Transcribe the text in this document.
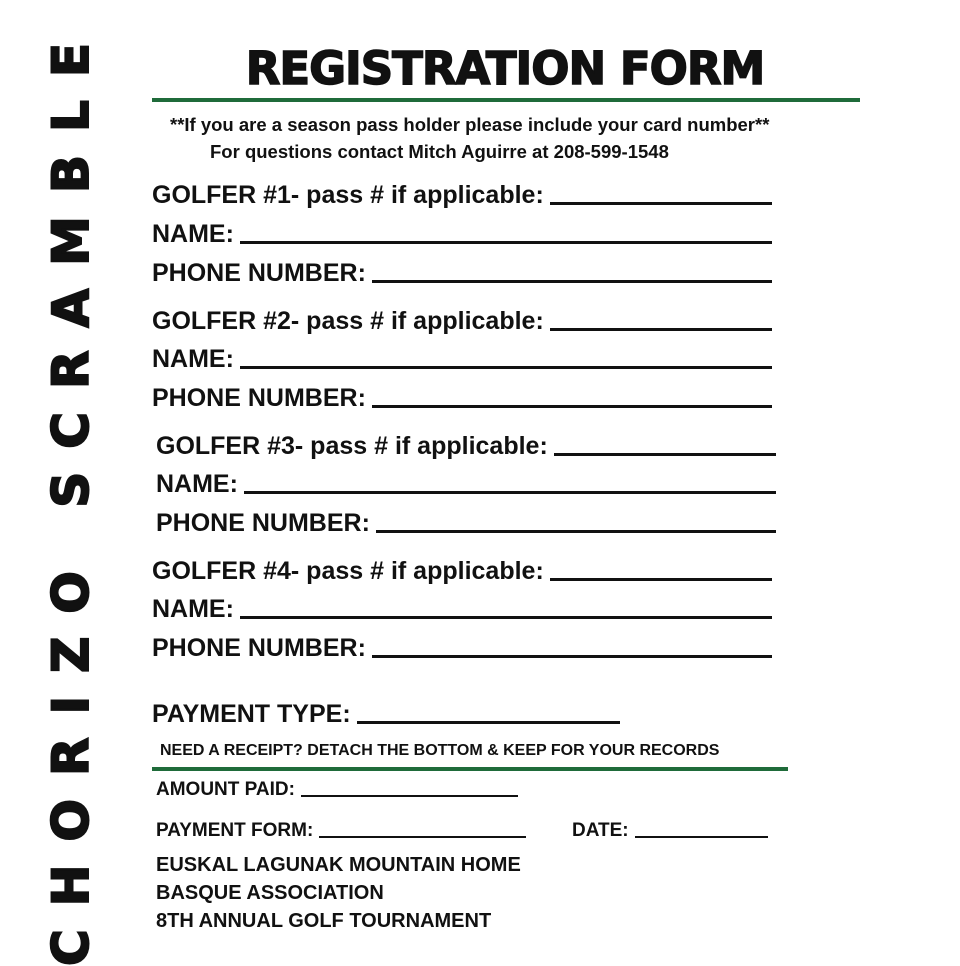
CHORIZO SCRAMBLE	REGISTRATION FORM
**If you are a season pass holder please include your card number**
For questions contact Mitch Aguirre at 208-599-1548
GOLFER #1- pass # if applicable:
NAME:
PHONE NUMBER:
GOLFER #2- pass # if applicable:
NAME:
PHONE NUMBER:
GOLFER #3- pass # if applicable:
NAME:
PHONE NUMBER:
GOLFER #4- pass # if applicable:
NAME:
PHONE NUMBER:
PAYMENT TYPE:
NEED A RECEIPT? DETACH THE BOTTOM & KEEP FOR YOUR RECORDS
AMOUNT PAID:
PAYMENT FORM:	DATE:
EUSKAL LAGUNAK MOUNTAIN HOME
BASQUE ASSOCIATION
8TH ANNUAL GOLF TOURNAMENT
